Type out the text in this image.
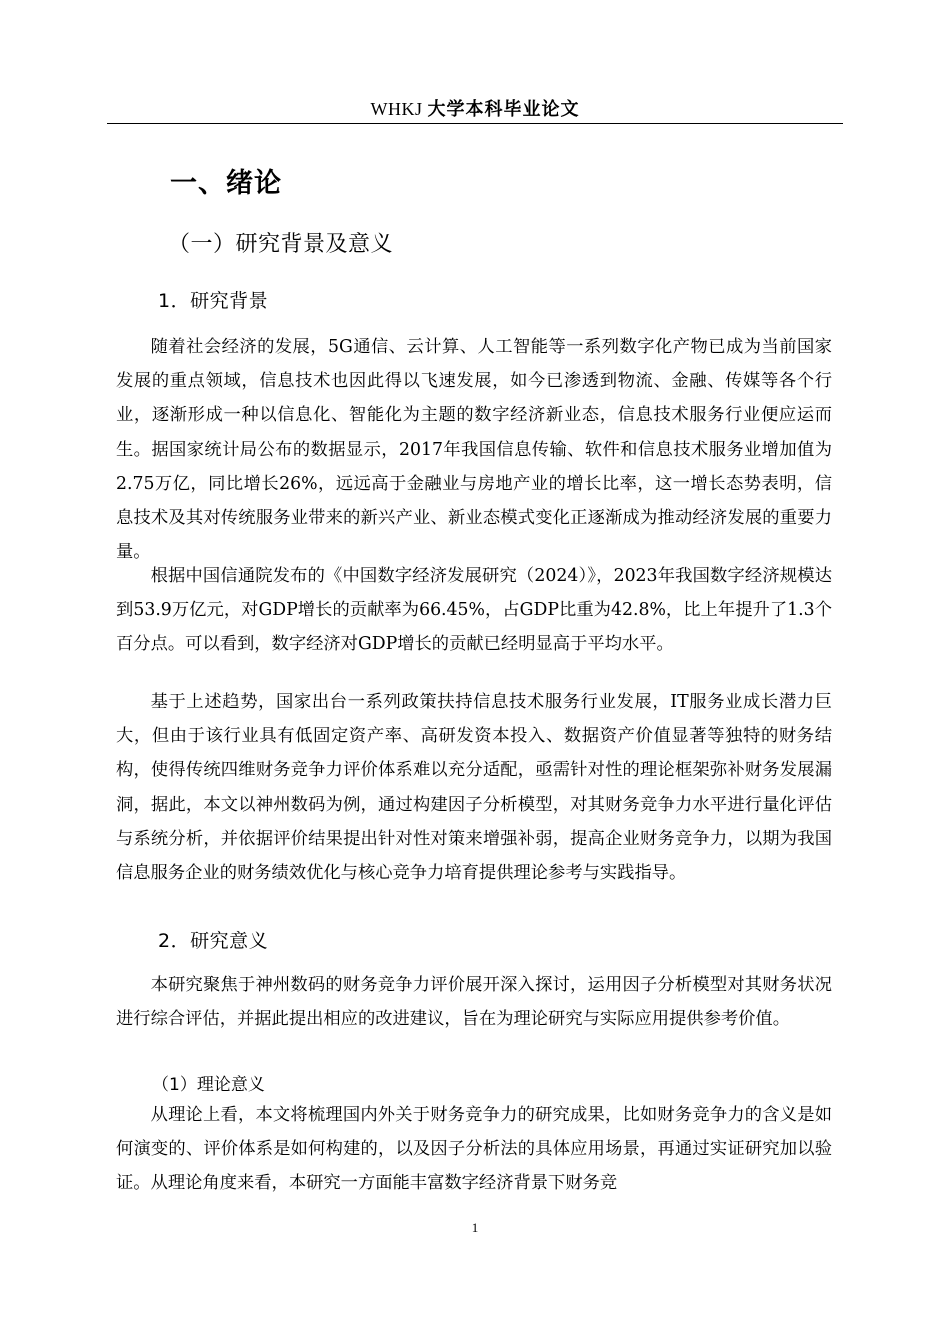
WHKJ 大学本科毕业论文
一、绪论
（一）研究背景及意义
1．研究背景

随着社会经济的发展，5G通信、云计算、人工智能等一系列数字化产物已成为当前国家发展的重点领域，信息技术也因此得以飞速发展，如今已渗透到物流、金融、传媒等各个行业，逐渐形成一种以信息化、智能化为主题的数字经济新业态，信息技术服务行业便应运而生。据国家统计局公布的数据显示，2017年我国信息传输、软件和信息技术服务业增加值为2.75万亿，同比增长26%，远远高于金融业与房地产业的增长比率，这一增长态势表明，信息技术及其对传统服务业带来的新兴产业、新业态模式变化正逐渐成为推动经济发展的重要力量。

根据中国信通院发布的《中国数字经济发展研究（2024）》，2023年我国数字经济规模达到53.9万亿元，对GDP增长的贡献率为66.45%，占GDP比重为42.8%，比上年提升了1.3个百分点。可以看到，数字经济对GDP增长的贡献已经明显高于平均水平。

基于上述趋势，国家出台一系列政策扶持信息技术服务行业发展，IT服务业成长潜力巨大，但由于该行业具有低固定资产率、高研发资本投入、数据资产价值显著等独特的财务结构，使得传统四维财务竞争力评价体系难以充分适配，亟需针对性的理论框架弥补财务发展漏洞，据此，本文以神州数码为例，通过构建因子分析模型，对其财务竞争力水平进行量化评估与系统分析，并依据评价结果提出针对性对策来增强补弱，提高企业财务竞争力，以期为我国信息服务企业的财务绩效优化与核心竞争力培育提供理论参考与实践指导。

2．研究意义

本研究聚焦于神州数码的财务竞争力评价展开深入探讨，运用因子分析模型对其财务状况进行综合评估，并据此提出相应的改进建议，旨在为理论研究与实际应用提供参考价值。

（1）理论意义

从理论上看，本文将梳理国内外关于财务竞争力的研究成果，比如财务竞争力的含义是如何演变的、评价体系是如何构建的，以及因子分析法的具体应用场景，再通过实证研究加以验证。从理论角度来看，本研究一方面能丰富数字经济背景下财务竞

1
